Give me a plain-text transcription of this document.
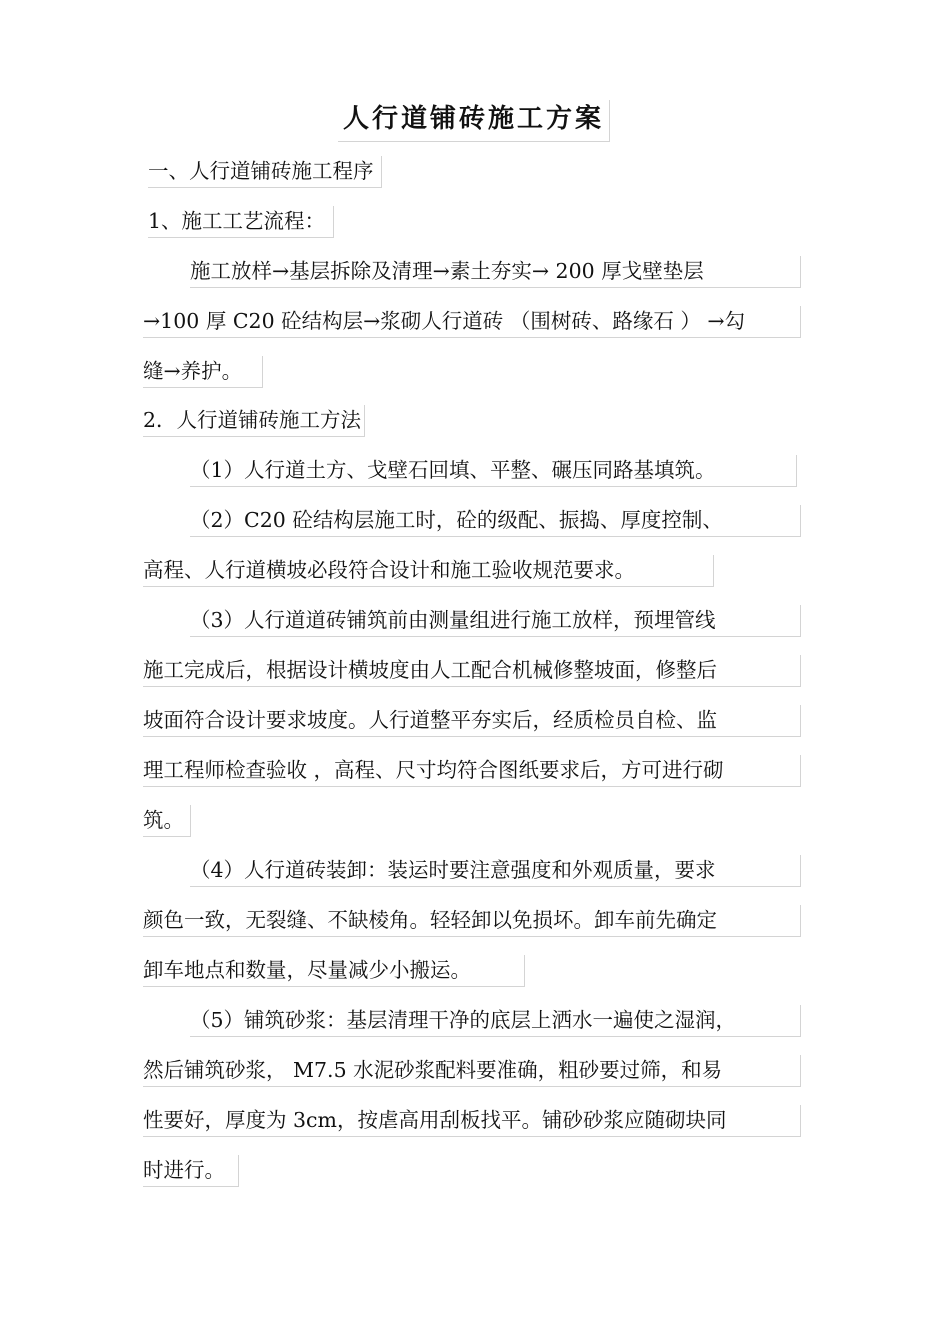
人行道铺砖施工方案
一、人行道铺砖施工程序
1、施工工艺流程：
施工放样→基层拆除及清理→素土夯实→ 200 厚戈壁垫层
→100 厚 C20 砼结构层→浆砌人行道砖 （围树砖、路缘石 ） →勾
缝→养护。
2．人行道铺砖施工方法
（1）人行道土方、戈壁石回填、平整、碾压同路基填筑。
（2）C20 砼结构层施工时，砼的级配、振捣、厚度控制、
高程、人行道横坡必段符合设计和施工验收规范要求。
（3）人行道道砖铺筑前由测量组进行施工放样，预埋管线
施工完成后，根据设计横坡度由人工配合机械修整坡面，修整后
坡面符合设计要求坡度。人行道整平夯实后，经质检员自检、监
理工程师检查验收 ，高程、尺寸均符合图纸要求后，方可进行砌
筑。
（4）人行道砖装卸：装运时要注意强度和外观质量，要求
颜色一致，无裂缝、不缺棱角。轻轻卸以免损坏。卸车前先确定
卸车地点和数量，尽量减少小搬运。
（5）铺筑砂浆：基层清理干净的底层上洒水一遍使之湿润，
然后铺筑砂浆， M7.5 水泥砂浆配料要准确，粗砂要过筛，和易
性要好，厚度为 3cm，按虐高用刮板找平。铺砂砂浆应随砌块同
时进行。
